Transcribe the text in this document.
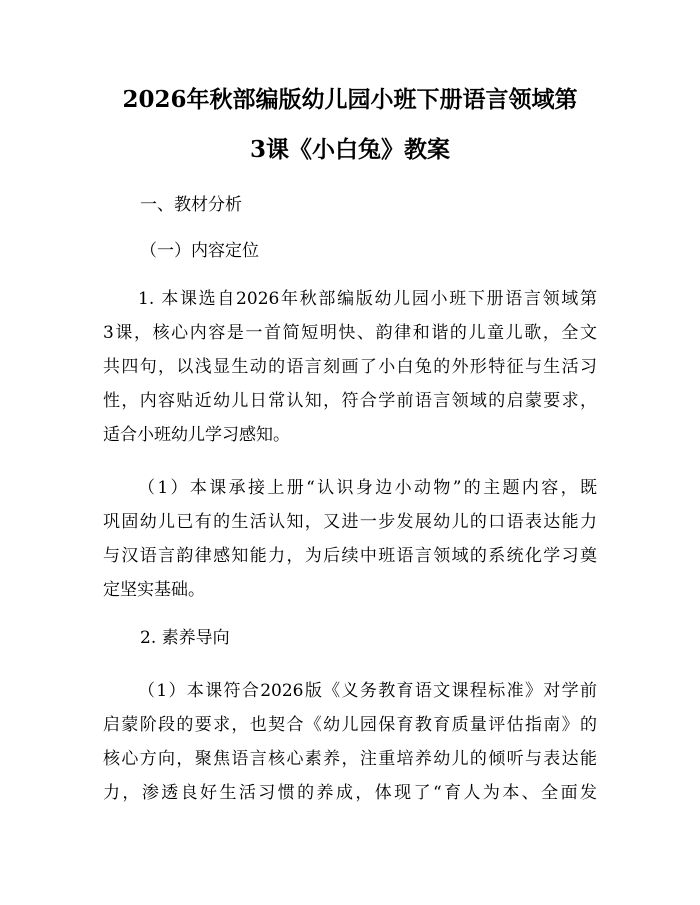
2026年秋部编版幼儿园小班下册语言领域第
3课《小白兔》教案
一、教材分析
（一）内容定位
1. 本课选自2026年秋部编版幼儿园小班下册语言领域第
3课，核心内容是一首简短明快、韵律和谐的儿童儿歌，全文
共四句，以浅显生动的语言刻画了小白兔的外形特征与生活习
性，内容贴近幼儿日常认知，符合学前语言领域的启蒙要求，
适合小班幼儿学习感知。
（1）本课承接上册“认识身边小动物”的主题内容，既
巩固幼儿已有的生活认知，又进一步发展幼儿的口语表达能力
与汉语言韵律感知能力，为后续中班语言领域的系统化学习奠
定坚实基础。
2. 素养导向
（1）本课符合2026版《义务教育语文课程标准》对学前
启蒙阶段的要求，也契合《幼儿园保育教育质量评估指南》的
核心方向，聚焦语言核心素养，注重培养幼儿的倾听与表达能
力，渗透良好生活习惯的养成，体现了“育人为本、全面发
